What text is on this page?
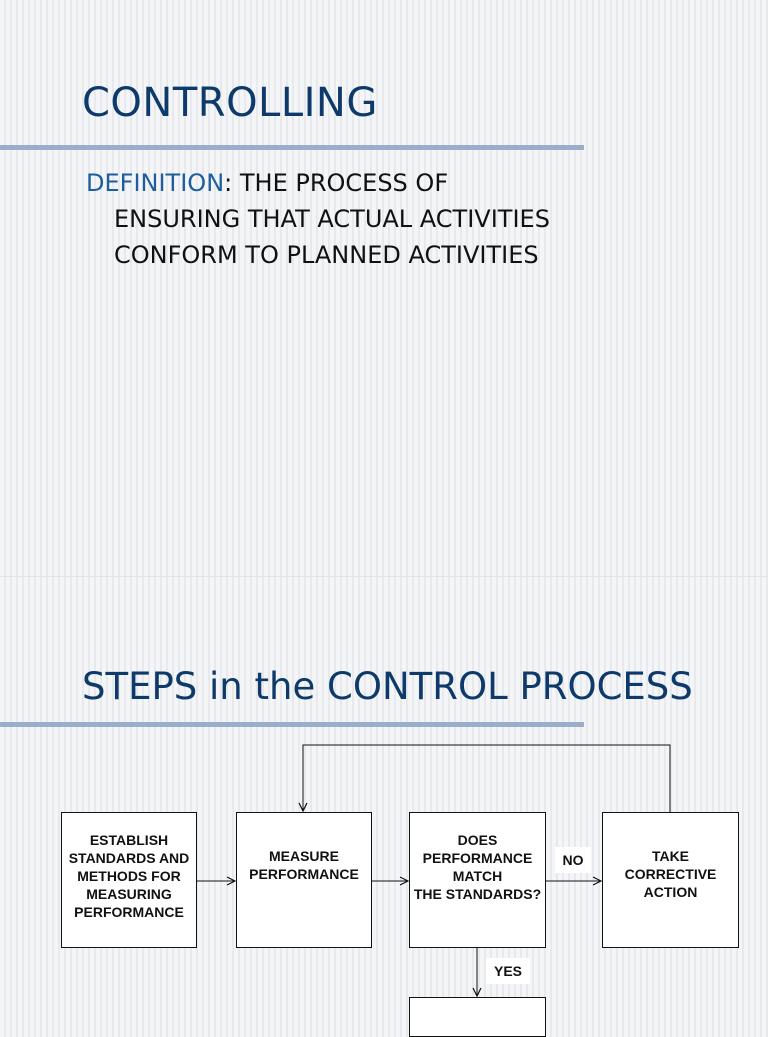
CONTROLLING
DEFINITION: THE PROCESS OF
ENSURING THAT ACTUAL ACTIVITIES
CONFORM TO PLANNED ACTIVITIES
STEPS in the CONTROL PROCESS
ESTABLISH
STANDARDS AND
METHODS FOR
MEASURING
PERFORMANCE
MEASURE
PERFORMANCE
DOES
PERFORMANCE
MATCH
THE STANDARDS?
TAKE
CORRECTIVE
ACTION
NO
YES
